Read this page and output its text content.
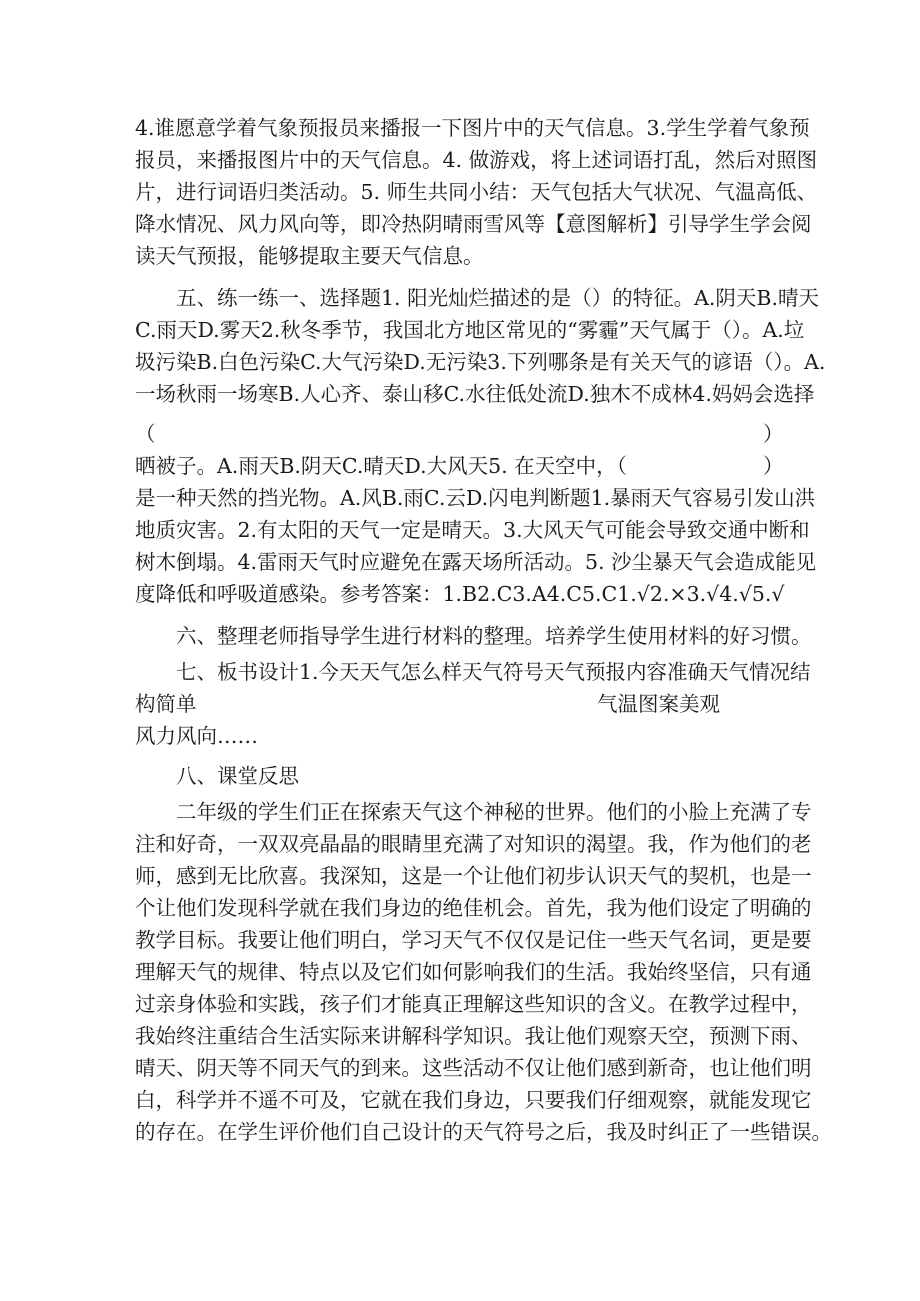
4.谁愿意学着气象预报员来播报一下图片中的天气信息。3.学生学着气象预
报员，来播报图片中的天气信息。4. 做游戏，将上述词语打乱，然后对照图
片，进行词语归类活动。5. 师生共同小结：天气包括大气状况、气温高低、
降水情况、风力风向等，即冷热阴晴雨雪风等【意图解析】引导学生学会阅
读天气预报，能够提取主要天气信息。
五、练一练一、选择题1. 阳光灿烂描述的是（）的特征。A.阴天B.晴天
C.雨天D.雾天2.秋冬季节，我国北方地区常见的“雾霾”天气属于（）。A.垃
圾污染B.白色污染C.大气污染D.无污染3.下列哪条是有关天气的谚语（）。A.
一场秋雨一场寒B.人心齐、泰山移C.水往低处流D.独木不成林4.妈妈会选择
（	）
晒被子。A.雨天B.阴天C.晴天D.大风天5. 在天空中，（	）
是一种天然的挡光物。A.风B.雨C.云D.闪电判断题1.暴雨天气容易引发山洪
地质灾害。2.有太阳的天气一定是晴天。3.大风天气可能会导致交通中断和
树木倒塌。4.雷雨天气时应避免在露天场所活动。5. 沙尘暴天气会造成能见
度降低和呼吸道感染。参考答案：1.B2.C3.A4.C5.C1.√2.×3.√4.√5.√
六、整理老师指导学生进行材料的整理。培养学生使用材料的好习惯。
七、板书设计1.今天天气怎么样天气符号天气预报内容准确天气情况结
构简单	气温图案美观
风力风向……
八、课堂反思
二年级的学生们正在探索天气这个神秘的世界。他们的小脸上充满了专
注和好奇，一双双亮晶晶的眼睛里充满了对知识的渴望。我，作为他们的老
师，感到无比欣喜。我深知，这是一个让他们初步认识天气的契机，也是一
个让他们发现科学就在我们身边的绝佳机会。首先，我为他们设定了明确的
教学目标。我要让他们明白，学习天气不仅仅是记住一些天气名词，更是要
理解天气的规律、特点以及它们如何影响我们的生活。我始终坚信，只有通
过亲身体验和实践，孩子们才能真正理解这些知识的含义。在教学过程中，
我始终注重结合生活实际来讲解科学知识。我让他们观察天空，预测下雨、
晴天、阴天等不同天气的到来。这些活动不仅让他们感到新奇，也让他们明
白，科学并不遥不可及，它就在我们身边，只要我们仔细观察，就能发现它
的存在。在学生评价他们自己设计的天气符号之后，我及时纠正了一些错误。
